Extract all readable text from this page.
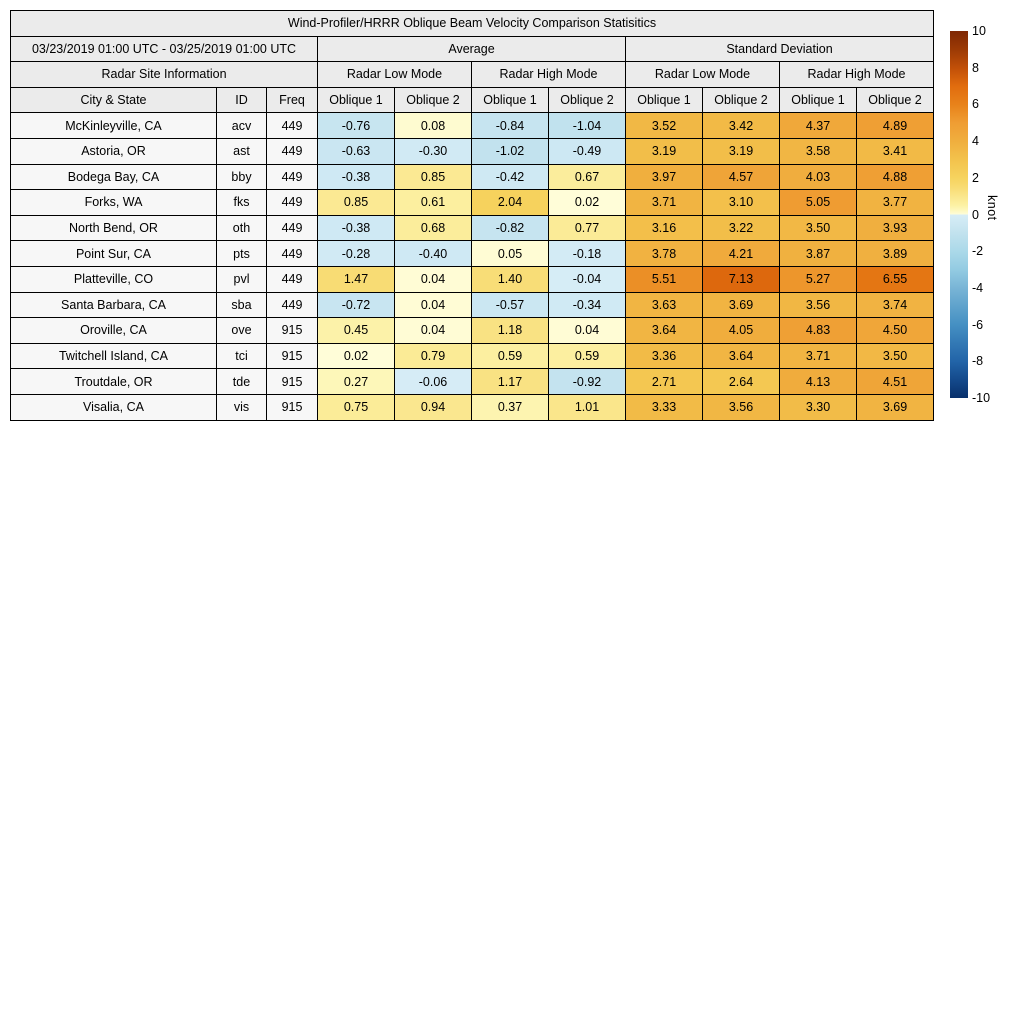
Wind-Profiler/HRRR Oblique Beam Velocity Comparison Statisitics										
03/23/2019 01:00 UTC - 03/25/2019 01:00 UTC			Average				Standard Deviation			
Radar Site Information			Radar Low Mode		Radar High Mode		Radar Low Mode		Radar High Mode	
City & State	ID	Freq	Oblique 1	Oblique 2	Oblique 1	Oblique 2	Oblique 1	Oblique 2	Oblique 1	Oblique 2
McKinleyville, CA	acv	449	-0.76	0.08	-0.84	-1.04	3.52	3.42	4.37	4.89
Astoria, OR	ast	449	-0.63	-0.30	-1.02	-0.49	3.19	3.19	3.58	3.41
Bodega Bay, CA	bby	449	-0.38	0.85	-0.42	0.67	3.97	4.57	4.03	4.88
Forks, WA	fks	449	0.85	0.61	2.04	0.02	3.71	3.10	5.05	3.77
North Bend, OR	oth	449	-0.38	0.68	-0.82	0.77	3.16	3.22	3.50	3.93
Point Sur, CA	pts	449	-0.28	-0.40	0.05	-0.18	3.78	4.21	3.87	3.89
Platteville, CO	pvl	449	1.47	0.04	1.40	-0.04	5.51	7.13	5.27	6.55
Santa Barbara, CA	sba	449	-0.72	0.04	-0.57	-0.34	3.63	3.69	3.56	3.74
Oroville, CA	ove	915	0.45	0.04	1.18	0.04	3.64	4.05	4.83	4.50
Twitchell Island, CA	tci	915	0.02	0.79	0.59	0.59	3.36	3.64	3.71	3.50
Troutdale, OR	tde	915	0.27	-0.06	1.17	-0.92	2.71	2.64	4.13	4.51
Visalia, CA	vis	915	0.75	0.94	0.37	1.01	3.33	3.56	3.30	3.69
10
8
6
4
2
0
-2
-4
-6
-8
-10
knot
